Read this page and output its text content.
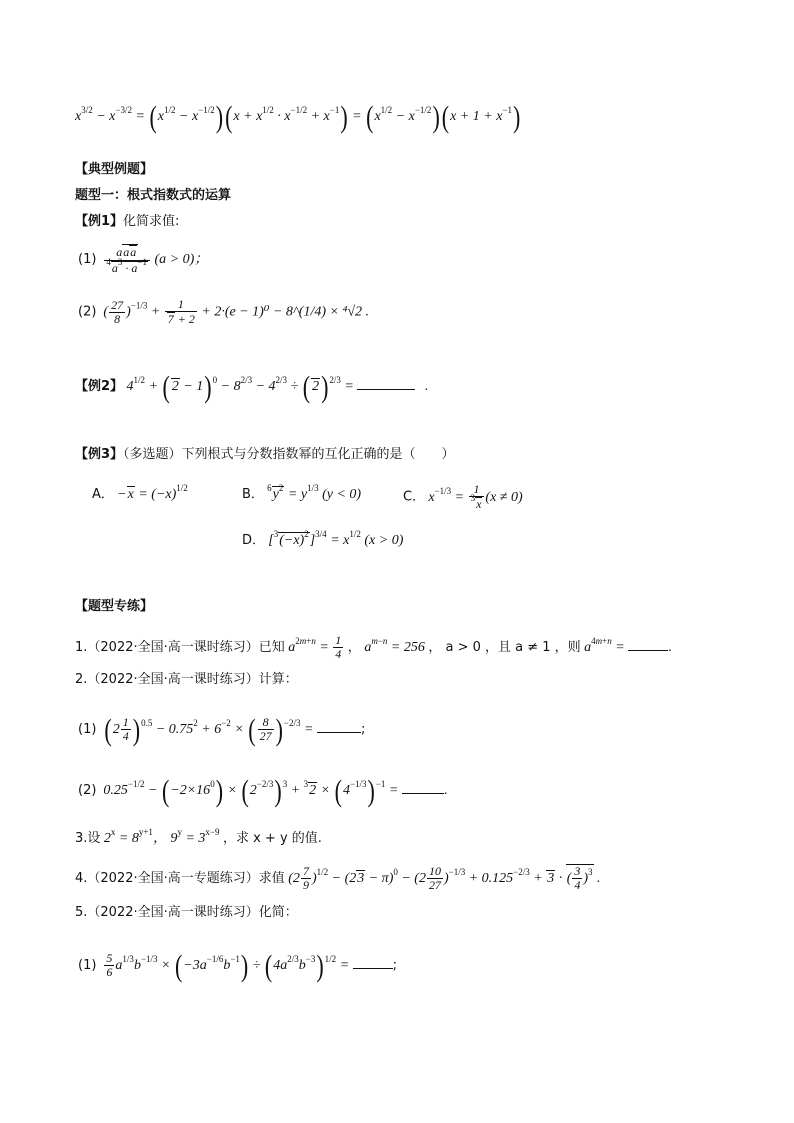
$x^{3/2} - x^{-3/2} = (x^{1/2} - x^{-1/2})(x + x^{1/2} \cdot x^{-1/2} + x^{-1}) = (x^{1/2} - x^{-1/2})(x + 1 + x^{-1})$
【典型例题】
题型一：根式指数式的运算
【例1】化简求值:
$(1) \frac{\text{aaa}}{^4a^3 \cdot a^{-1}} (a > 0)$；
(2) ( $\frac{27}{8} )^{-1/3} + \frac{1}{7 + 2} + 2\cdot(e - 1)^0$ − 8^(1/4) × ⁴√2 .
【例2】 $4^{1/2}$ + ( $2 - 1)^0 - 8^{2/3} - 4^{2/3}$ ÷ ( 2)$^{2/3}$ =	.
【例3】（多选题）下列根式与分数指数幂的互化正确的是（　　）
A． $-x = (-x)^{1/2}$	B． $^6y^2 = y^{1/3}$ (y < 0)	C． $x^{-1/3} = \frac{1}{^3x} (x \ne 0)$
D． $[^3(-x)^2]^{3/4} = x^{1/2}$ (x > 0)
【题型专练】
1.（2022·全国·高一课时练习）已知 $a^{2m+n} = \frac{1}{4}$ ， $a^{m-n} = 256$ ， a > 0 ，且 a ≠ 1 ，则 $a^{4m+n}$ =	.
2.（2022·全国·高一课时练习）计算：
(1) $(2 \frac{1}{4} )^{0.5} - 0.75^2 + 6^{-2}$ × ( $\frac{8}{27} )^{-2/3}$ =	;
(2) $0.25^{-1/2} - (-2\times 16^0) \times (2^{-2/3})^3 + ^32 \times (4^{-1/3})^{-1}$ =	.
3.设 $2^x = 8^{y+1}$， $9^y = 3^{x-9}$ ，求 x + y 的值.
4.（2022·全国·高一专题练习）求值 $(2 \frac{7}{9} )^{1/2} - (23 - \pi)^0 - (2 \frac{10}{27} )^{-1/3} + 0.125^{-2/3} + 3$ · ( $\frac{3}{4} )^3$ .
5.（2022·全国·高一课时练习）化简：
$(1) \frac{5}{6} a^{1/3}b^{-1/3} \times (-3a^{-1/6}b^{-1}) \div (4a^{2/3}b^{-3})^{1/2}$ =	;
